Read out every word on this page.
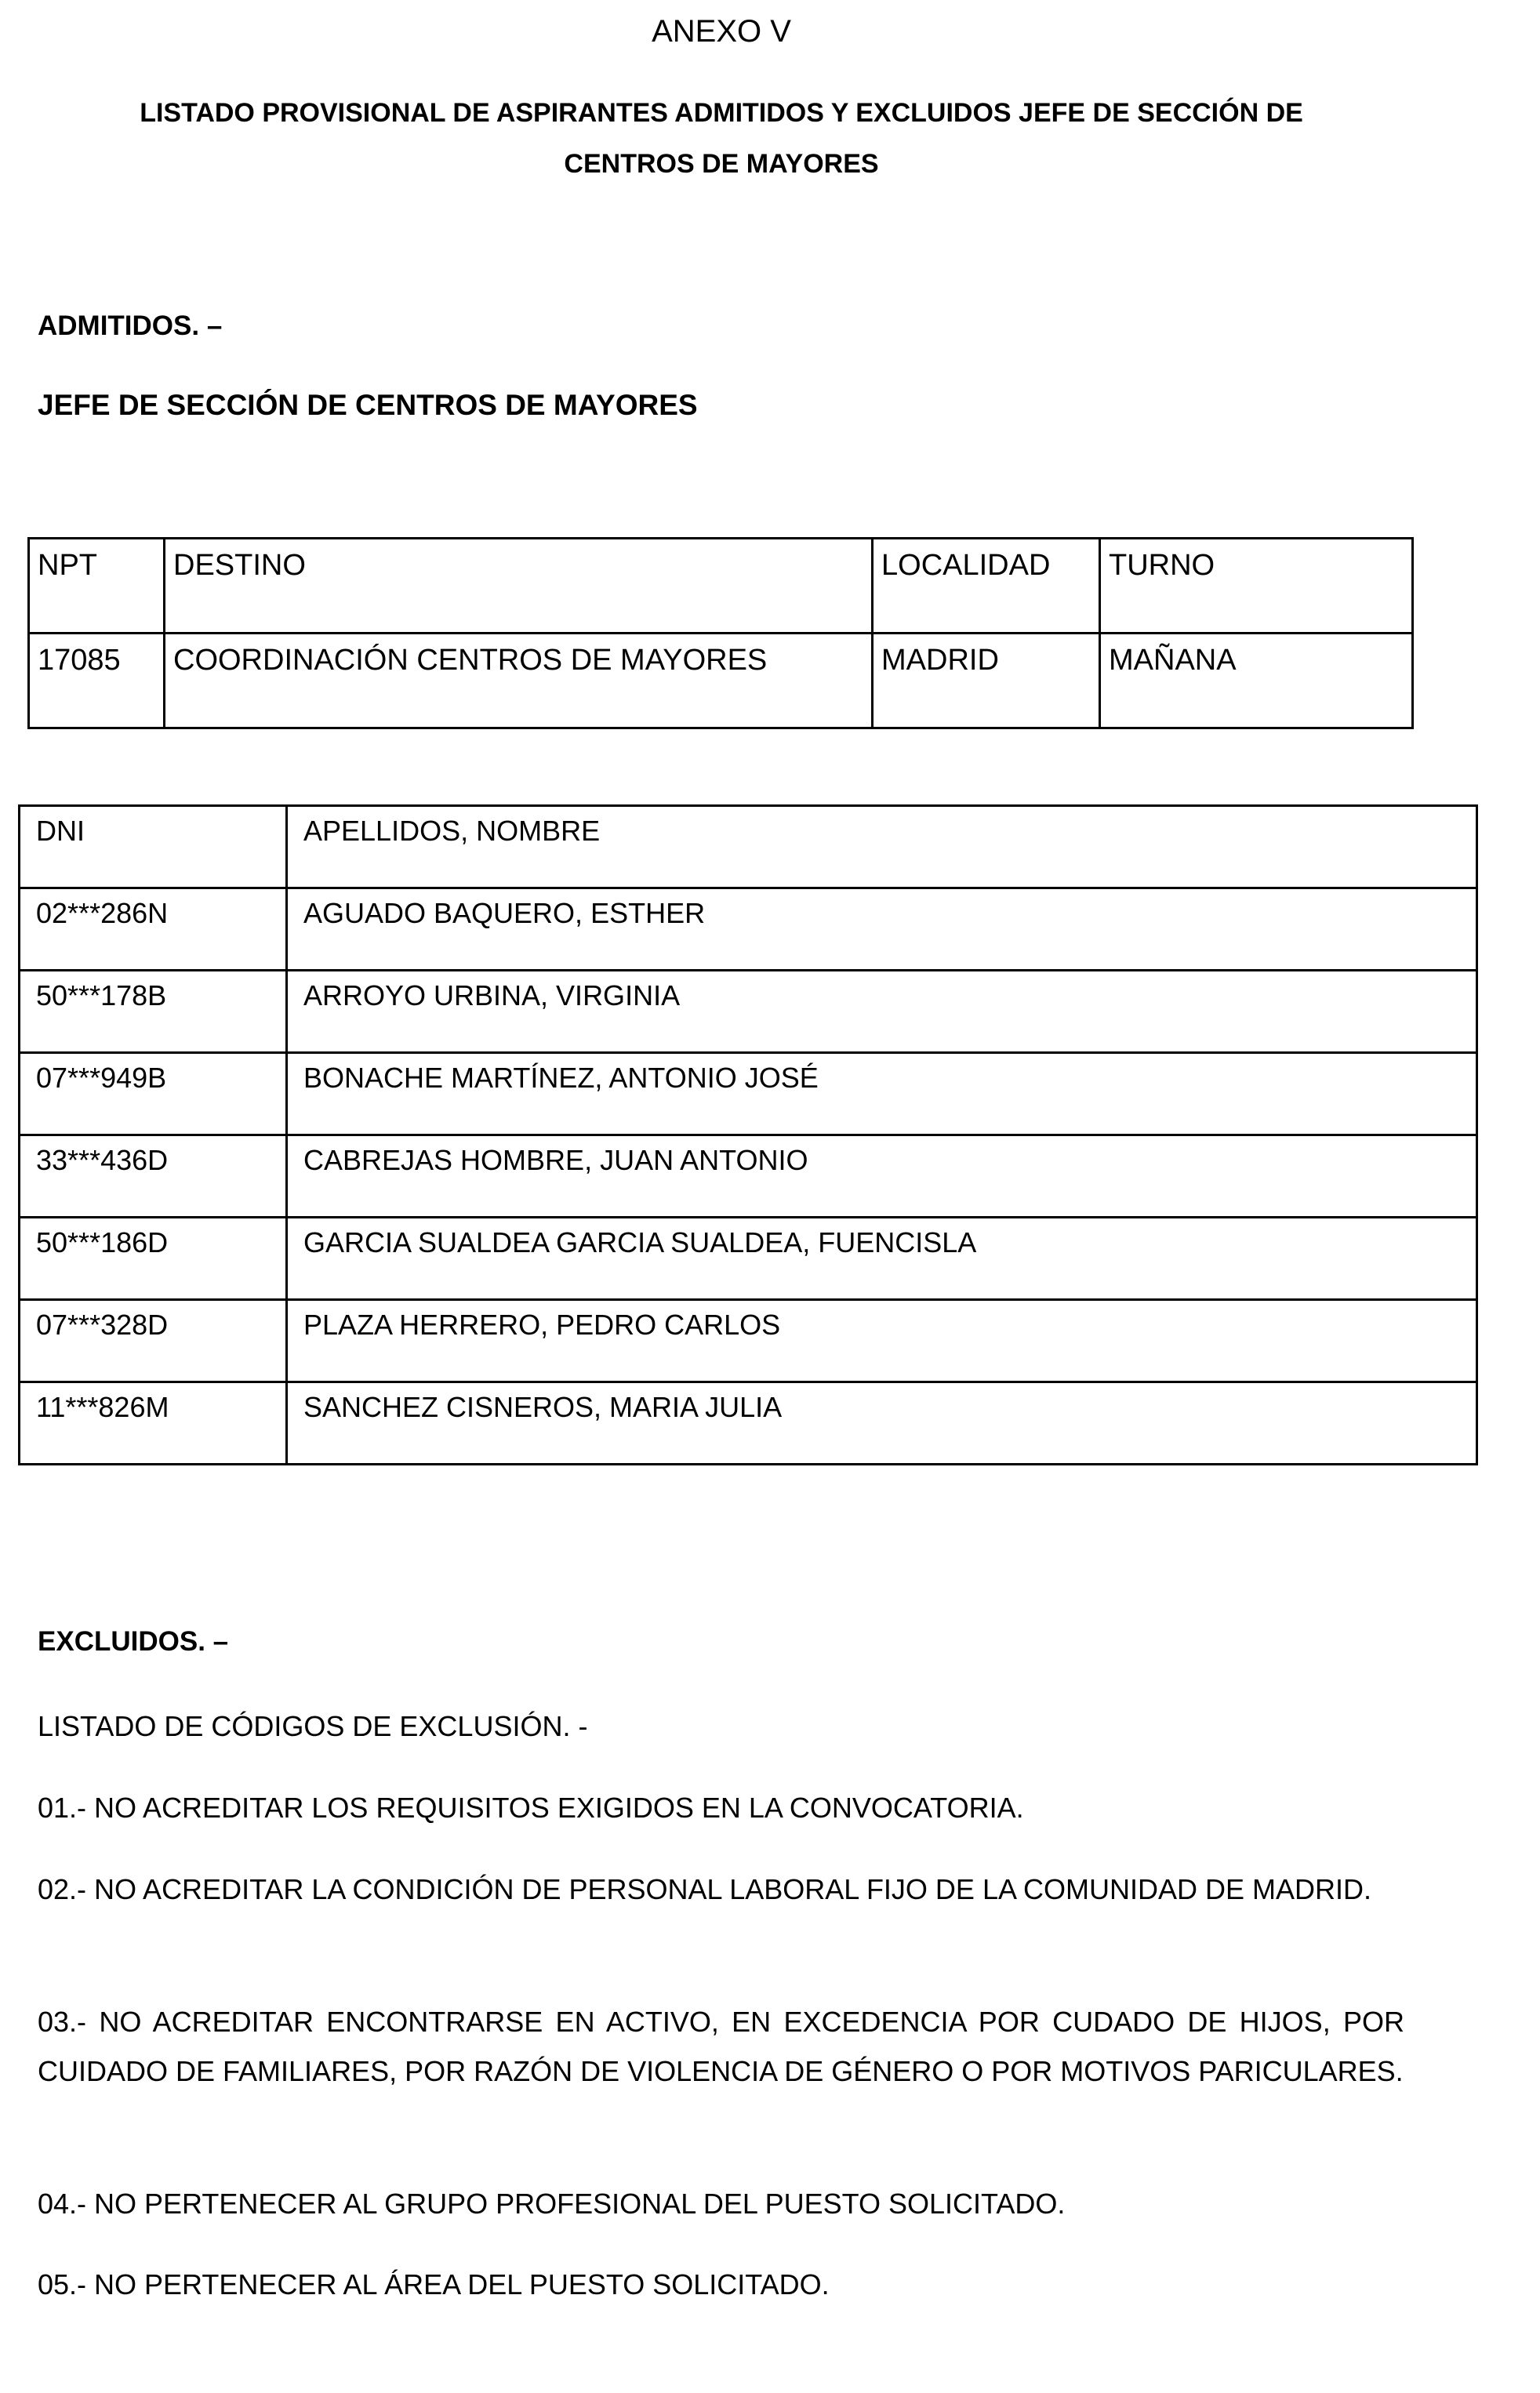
ANEXO V
LISTADO PROVISIONAL DE ASPIRANTES ADMITIDOS Y EXCLUIDOS JEFE DE SECCIÓN DE CENTROS DE MAYORES
ADMITIDOS. –
JEFE DE SECCIÓN DE CENTROS DE MAYORES
NPT	DESTINO	LOCALIDAD	TURNO
17085	COORDINACIÓN CENTROS DE MAYORES	MADRID	MAÑANA
DNI	APELLIDOS, NOMBRE
02***286N	AGUADO BAQUERO, ESTHER
50***178B	ARROYO URBINA, VIRGINIA
07***949B	BONACHE MARTÍNEZ, ANTONIO JOSÉ
33***436D	CABREJAS HOMBRE, JUAN ANTONIO
50***186D	GARCIA SUALDEA GARCIA SUALDEA, FUENCISLA
07***328D	PLAZA HERRERO, PEDRO CARLOS
11***826M	SANCHEZ CISNEROS, MARIA JULIA
EXCLUIDOS. –
LISTADO DE CÓDIGOS DE EXCLUSIÓN. -
01.- NO ACREDITAR LOS REQUISITOS EXIGIDOS EN LA CONVOCATORIA.
02.- NO ACREDITAR LA CONDICIÓN DE PERSONAL LABORAL FIJO DE LA COMUNIDAD DE MADRID.
03.- NO ACREDITAR ENCONTRARSE EN ACTIVO, EN EXCEDENCIA POR CUDADO DE HIJOS, POR CUIDADO DE FAMILIARES, POR RAZÓN DE VIOLENCIA DE GÉNERO O POR MOTIVOS PARICULARES.
04.- NO PERTENECER AL GRUPO PROFESIONAL DEL PUESTO SOLICITADO.
05.- NO PERTENECER AL ÁREA DEL PUESTO SOLICITADO.
